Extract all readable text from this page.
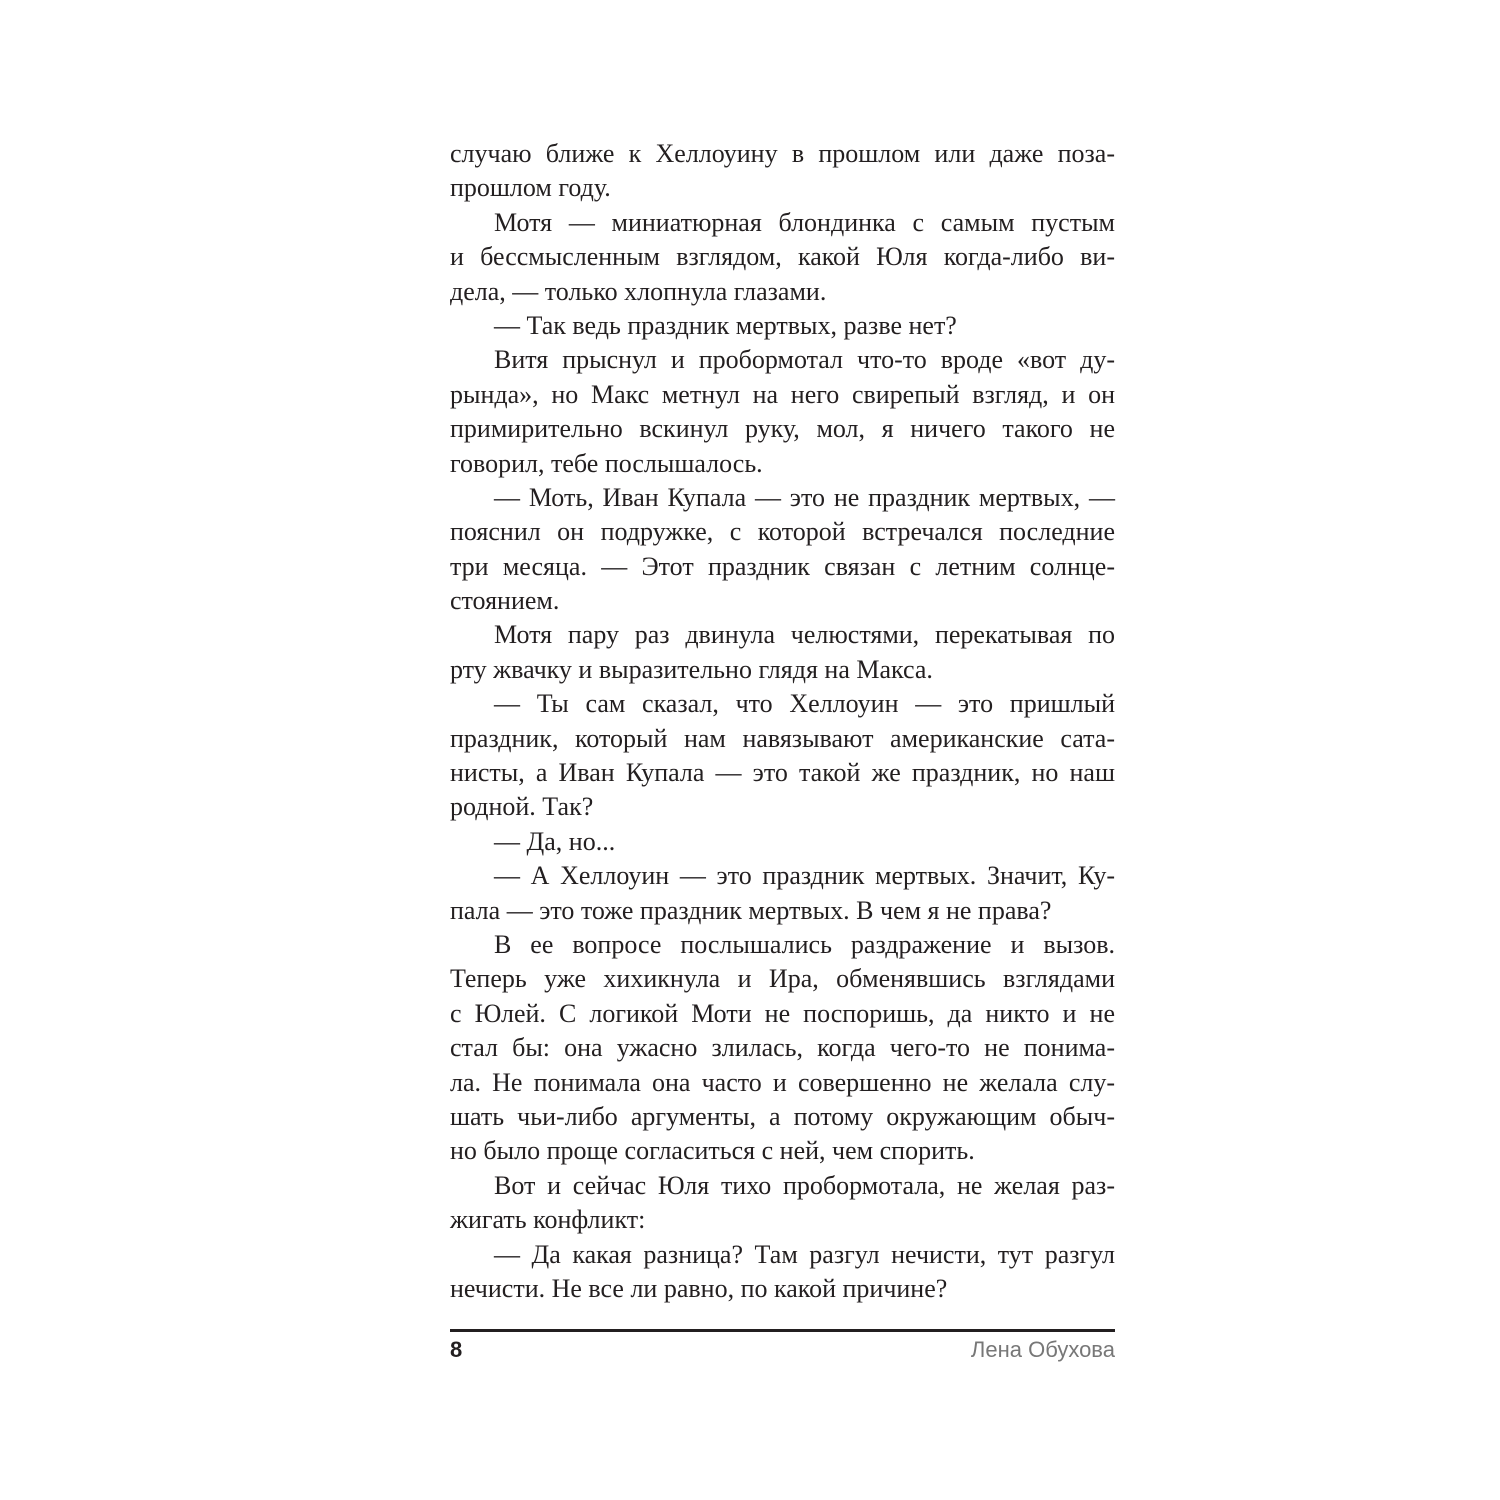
случаю ближе к Хеллоуину в прошлом или даже поза-
прошлом году.
Мотя — миниатюрная блондинка с самым пустым
и бессмысленным взглядом, какой Юля когда-либо ви-
дела, — только хлопнула глазами.
— Так ведь праздник мертвых, разве нет?
Витя прыснул и пробормотал что-то вроде «вот ду-
рында», но Макс метнул на него свирепый взгляд, и он
примирительно вскинул руку, мол, я ничего такого не
говорил, тебе послышалось.
— Моть, Иван Купала — это не праздник мертвых, —
пояснил он подружке, с которой встречался последние
три месяца. — Этот праздник связан с летним солнце-
стоянием.
Мотя пару раз двинула челюстями, перекатывая по
рту жвачку и выразительно глядя на Макса.
— Ты сам сказал, что Хеллоуин — это пришлый
праздник, который нам навязывают американские сата-
нисты, а Иван Купала — это такой же праздник, но наш
родной. Так?
— Да, но...
— А Хеллоуин — это праздник мертвых. Значит, Ку-
пала — это тоже праздник мертвых. В чем я не права?
В ее вопросе послышались раздражение и вызов.
Теперь уже хихикнула и Ира, обменявшись взглядами
с Юлей. С логикой Моти не поспоришь, да никто и не
стал бы: она ужасно злилась, когда чего-то не понима-
ла. Не понимала она часто и совершенно не желала слу-
шать чьи-либо аргументы, а потому окружающим обыч-
но было проще согласиться с ней, чем спорить.
Вот и сейчас Юля тихо пробормотала, не желая раз-
жигать конфликт:
— Да какая разница? Там разгул нечисти, тут разгул
нечисти. Не все ли равно, по какой причине?
8	Лена Обухова
